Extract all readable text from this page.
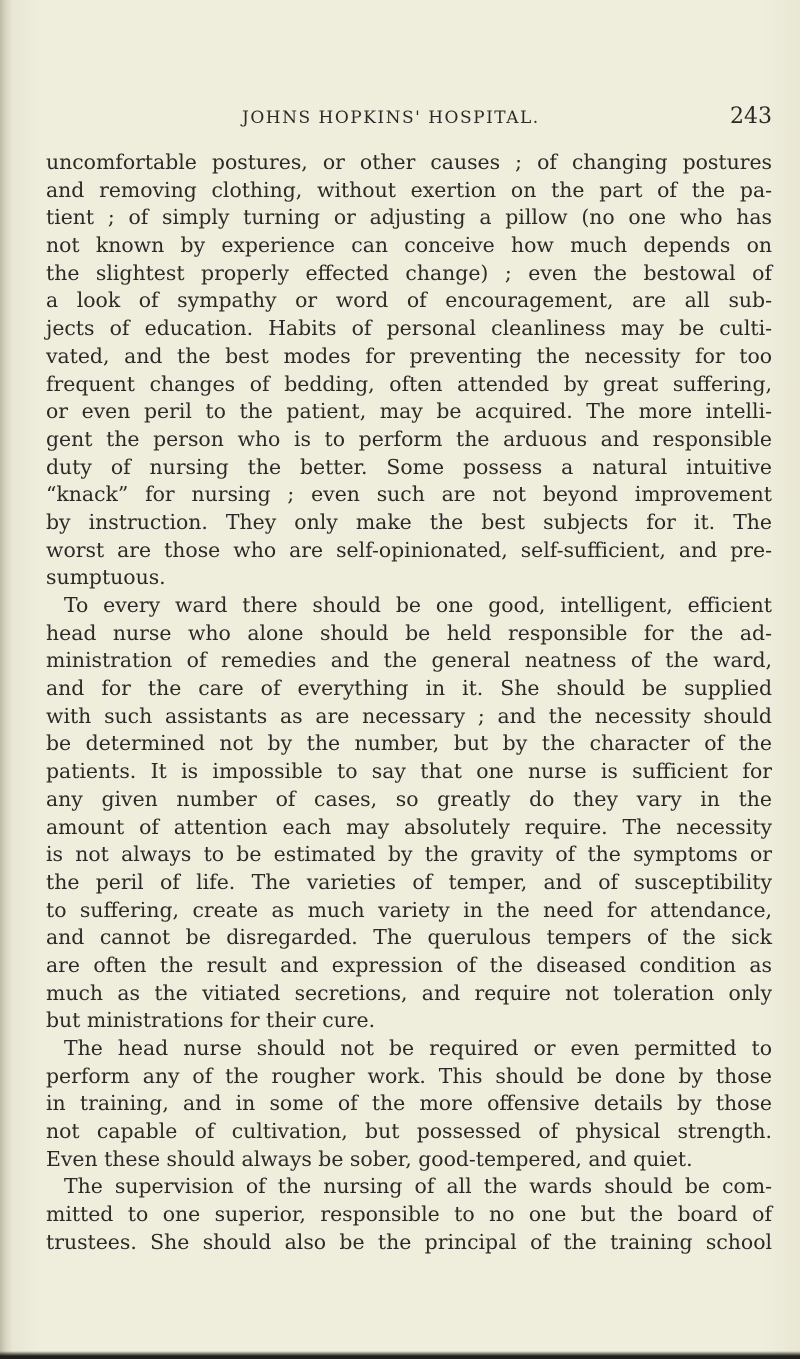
JOHNS HOPKINS' HOSPITAL.	243
uncomfortable postures, or other causes ; of changing postures
and removing clothing, without exertion on the part of the pa-
tient ; of simply turning or adjusting a pillow (no one who has
not known by experience can conceive how much depends on
the slightest properly effected change) ; even the bestowal of
a look of sympathy or word of encouragement, are all sub-
jects of education. Habits of personal cleanliness may be culti-
vated, and the best modes for preventing the necessity for too
frequent changes of bedding, often attended by great suffering,
or even peril to the patient, may be acquired. The more intelli-
gent the person who is to perform the arduous and responsible
duty of nursing the better. Some possess a natural intuitive
“knack” for nursing ; even such are not beyond improvement
by instruction. They only make the best subjects for it. The
worst are those who are self-opinionated, self-sufficient, and pre-
sumptuous.
To every ward there should be one good, intelligent, efficient
head nurse who alone should be held responsible for the ad-
ministration of remedies and the general neatness of the ward,
and for the care of everything in it. She should be supplied
with such assistants as are necessary ; and the necessity should
be determined not by the number, but by the character of the
patients. It is impossible to say that one nurse is sufficient for
any given number of cases, so greatly do they vary in the
amount of attention each may absolutely require. The necessity
is not always to be estimated by the gravity of the symptoms or
the peril of life. The varieties of temper, and of susceptibility
to suffering, create as much variety in the need for attendance,
and cannot be disregarded. The querulous tempers of the sick
are often the result and expression of the diseased condition as
much as the vitiated secretions, and require not toleration only
but ministrations for their cure.
The head nurse should not be required or even permitted to
perform any of the rougher work. This should be done by those
in training, and in some of the more offensive details by those
not capable of cultivation, but possessed of physical strength.
Even these should always be sober, good-tempered, and quiet.
The supervision of the nursing of all the wards should be com-
mitted to one superior, responsible to no one but the board of
trustees. She should also be the principal of the training school
